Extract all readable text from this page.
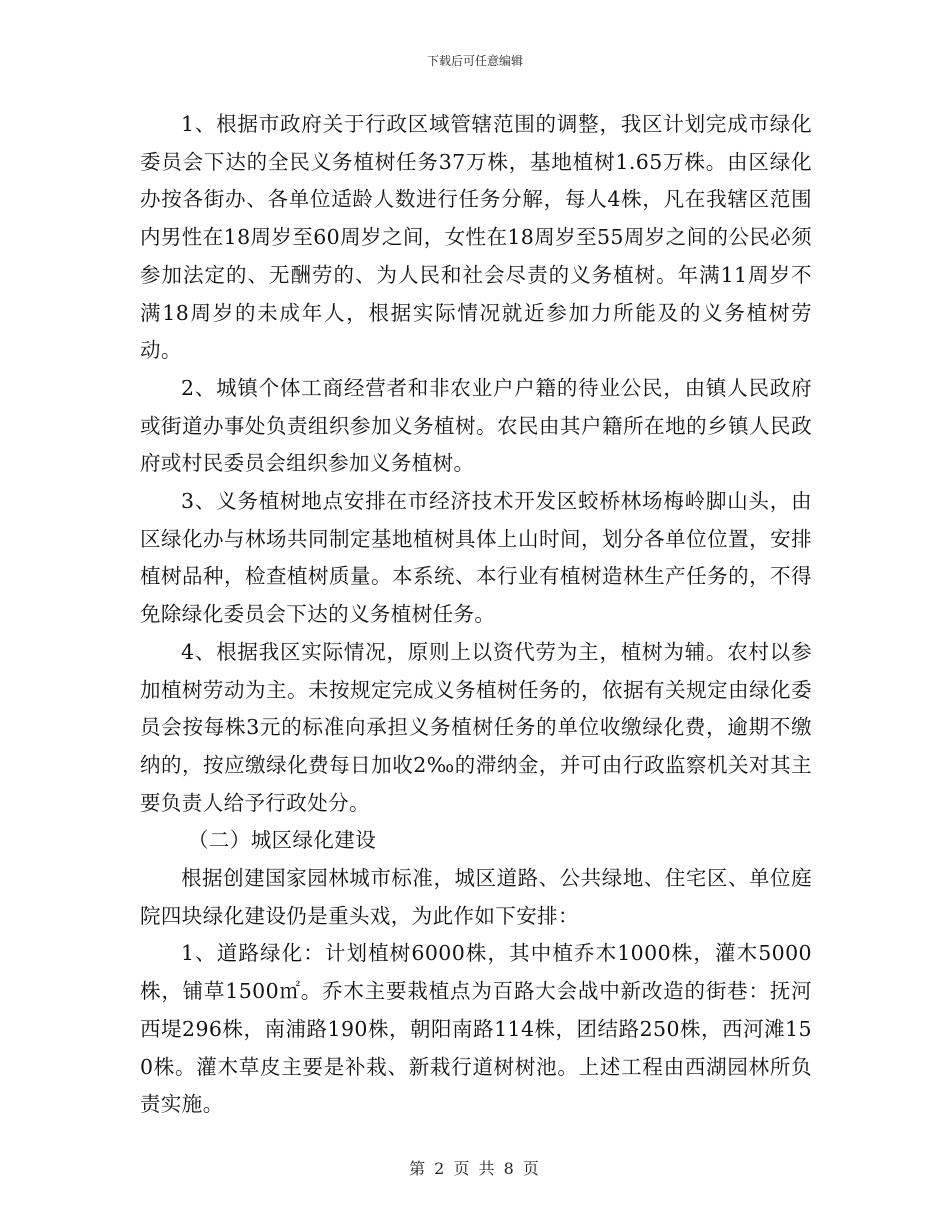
下载后可任意编辑

1、根据市政府关于行政区域管辖范围的调整，我区计划完成市绿化委员会下达的全民义务植树任务37万株，基地植树1.65万株。由区绿化办按各街办、各单位适龄人数进行任务分解，每人4株，凡在我辖区范围内男性在18周岁至60周岁之间，女性在18周岁至55周岁之间的公民必须参加法定的、无酬劳的、为人民和社会尽责的义务植树。年满11周岁不满18周岁的未成年人，根据实际情况就近参加力所能及的义务植树劳动。

2、城镇个体工商经营者和非农业户户籍的待业公民，由镇人民政府或街道办事处负责组织参加义务植树。农民由其户籍所在地的乡镇人民政府或村民委员会组织参加义务植树。

3、义务植树地点安排在市经济技术开发区蛟桥林场梅岭脚山头，由区绿化办与林场共同制定基地植树具体上山时间，划分各单位位置，安排植树品种，检查植树质量。本系统、本行业有植树造林生产任务的，不得免除绿化委员会下达的义务植树任务。

4、根据我区实际情况，原则上以资代劳为主，植树为辅。农村以参加植树劳动为主。未按规定完成义务植树任务的，依据有关规定由绿化委员会按每株3元的标准向承担义务植树任务的单位收缴绿化费，逾期不缴纳的，按应缴绿化费每日加收2‰的滞纳金，并可由行政监察机关对其主要负责人给予行政处分。

（二）城区绿化建设

根据创建国家园林城市标准，城区道路、公共绿地、住宅区、单位庭院四块绿化建设仍是重头戏，为此作如下安排：

1、道路绿化：计划植树6000株，其中植乔木1000株，灌木5000株，铺草1500㎡。乔木主要栽植点为百路大会战中新改造的街巷：抚河西堤296株，南浦路190株，朝阳南路114株，团结路250株，西河滩150株。灌木草皮主要是补栽、新栽行道树树池。上述工程由西湖园林所负责实施。

第 2 页 共 8 页
